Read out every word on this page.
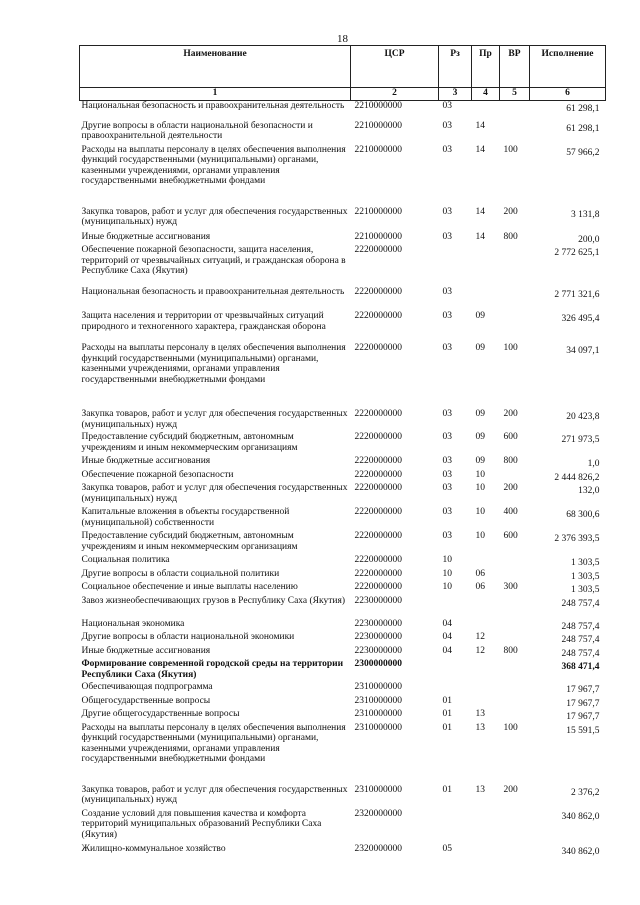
18
Наименование	ЦСР	Рз	Пр	ВР	Исполнение
1	2	3	4	5	6
Национальная безопасность и правоохранительная деятельность	2210000000	03			61 298,1
Другие вопросы в области национальной безопасности и правоохранительной деятельности	2210000000	03	14		61 298,1
Расходы на выплаты персоналу в целях обеспечения выполнения функций государственными (муниципальными) органами, казенными учреждениями, органами управления государственными внебюджетными фондами	2210000000	03	14	100	57 966,2
Закупка товаров, работ и услуг для обеспечения государственных (муниципальных) нужд	2210000000	03	14	200	3 131,8
Иные бюджетные ассигнования	2210000000	03	14	800	200,0
Обеспечение пожарной безопасности, защита населения, территорий от чрезвычайных ситуаций, и гражданская оборона в Республике Саха (Якутия)	2220000000				2 772 625,1
Национальная безопасность и правоохранительная деятельность	2220000000	03			2 771 321,6
Защита населения и территории от чрезвычайных ситуаций природного и техногенного характера, гражданская оборона	2220000000	03	09		326 495,4
Расходы на выплаты персоналу в целях обеспечения выполнения функций государственными (муниципальными) органами, казенными учреждениями, органами управления государственными внебюджетными фондами	2220000000	03	09	100	34 097,1
Закупка товаров, работ и услуг для обеспечения государственных (муниципальных) нужд	2220000000	03	09	200	20 423,8
Предоставление субсидий бюджетным, автономным учреждениям и иным некоммерческим организациям	2220000000	03	09	600	271 973,5
Иные бюджетные ассигнования	2220000000	03	09	800	1,0
Обеспечение пожарной безопасности	2220000000	03	10		2 444 826,2
Закупка товаров, работ и услуг для обеспечения государственных (муниципальных) нужд	2220000000	03	10	200	132,0
Капитальные вложения в объекты государственной (муниципальной) собственности	2220000000	03	10	400	68 300,6
Предоставление субсидий бюджетным, автономным учреждениям и иным некоммерческим организациям	2220000000	03	10	600	2 376 393,5
Социальная политика	2220000000	10			1 303,5
Другие вопросы в области социальной политики	2220000000	10	06		1 303,5
Социальное обеспечение и иные выплаты населению	2220000000	10	06	300	1 303,5
Завоз жизнеобеспечивающих грузов в Республику Саха (Якутия)	2230000000				248 757,4
Национальная экономика	2230000000	04			248 757,4
Другие вопросы в области национальной экономики	2230000000	04	12		248 757,4
Иные бюджетные ассигнования	2230000000	04	12	800	248 757,4
Формирование современной городской среды на территории Республики Саха (Якутия)	2300000000				368 471,4
Обеспечивающая подпрограмма	2310000000				17 967,7
Общегосударственные вопросы	2310000000	01			17 967,7
Другие общегосударственные вопросы	2310000000	01	13		17 967,7
Расходы на выплаты персоналу в целях обеспечения выполнения функций государственными (муниципальными) органами, казенными учреждениями, органами управления государственными внебюджетными фондами	2310000000	01	13	100	15 591,5
Закупка товаров, работ и услуг для обеспечения государственных (муниципальных) нужд	2310000000	01	13	200	2 376,2
Создание условий для повышения качества и комфорта территорий муниципальных образований Республики Саха (Якутия)	2320000000				340 862,0
Жилищно-коммунальное хозяйство	2320000000	05			340 862,0
